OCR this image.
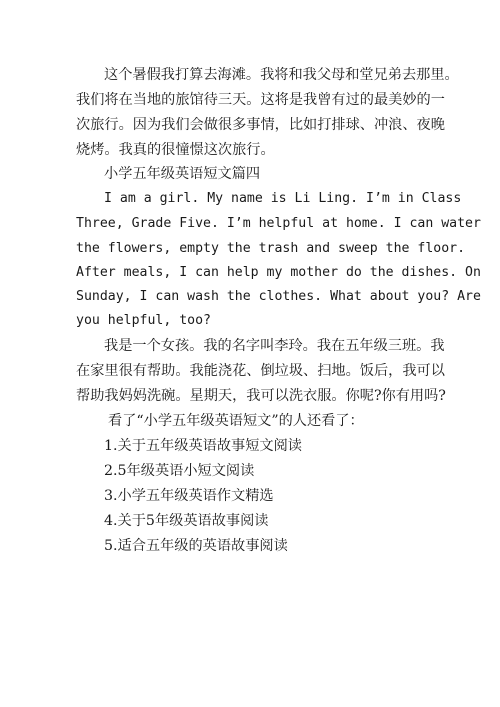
这个暑假我打算去海滩。我将和我父母和堂兄弟去那里。

我们将在当地的旅馆待三天。这将是我曾有过的最美妙的一

次旅行。因为我们会做很多事情，比如打排球、冲浪、夜晚

烧烤。我真的很憧憬这次旅行。

小学五年级英语短文篇四

I am a girl. My name is Li Ling. I’m in Class

Three, Grade Five. I’m helpful at home. I can water

the flowers, empty the trash and sweep the floor.

After meals, I can help my mother do the dishes. On

Sunday, I can wash the clothes. What about you? Are

you helpful, too?

我是一个女孩。我的名字叫李玲。我在五年级三班。我

在家里很有帮助。我能浇花、倒垃圾、扫地。饭后，我可以

帮助我妈妈洗碗。星期天，我可以洗衣服。你呢?你有用吗?

看了“小学五年级英语短文”的人还看了：

1.关于五年级英语故事短文阅读

2.5年级英语小短文阅读

3.小学五年级英语作文精选

4.关于5年级英语故事阅读

5.适合五年级的英语故事阅读
